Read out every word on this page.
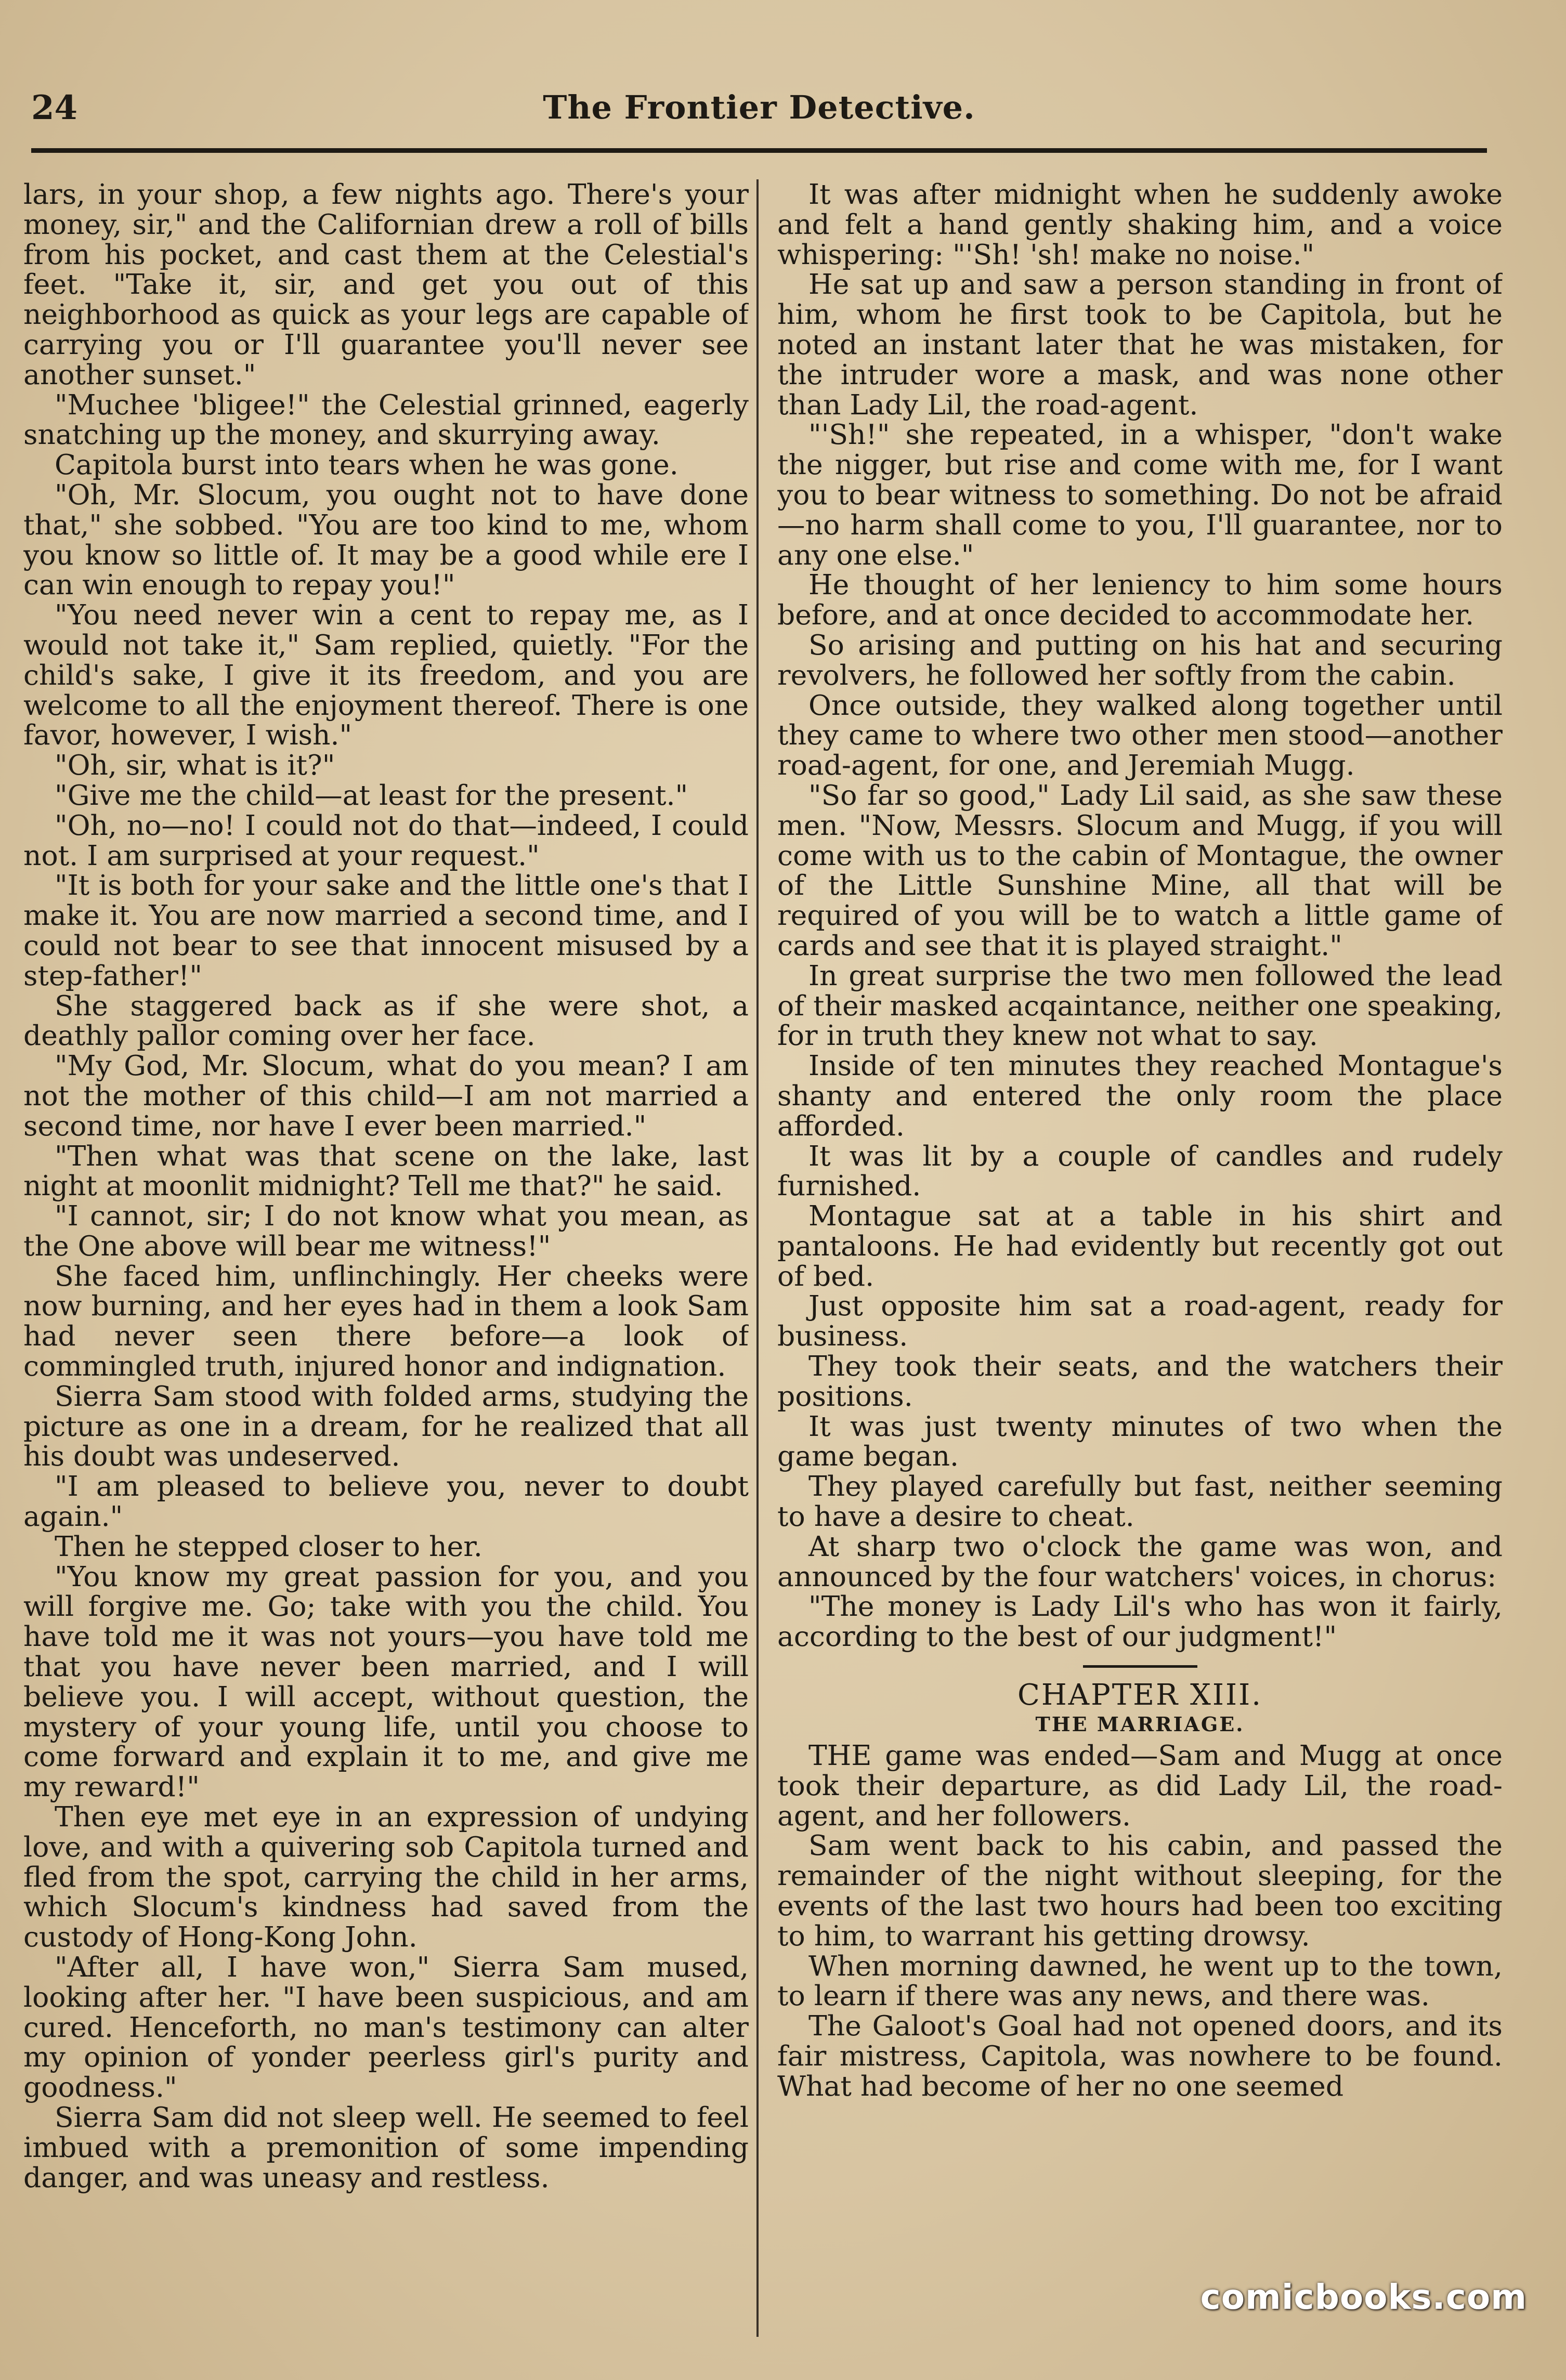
24	The Frontier Detective.

lars, in your shop, a few nights ago. There's your money, sir," and the Californian drew a roll of bills from his pocket, and cast them at the Celestial's feet. "Take it, sir, and get you out of this neighborhood as quick as your legs are capable of carrying you or I'll guarantee you'll never see another sunset."

"Muchee 'bligee!" the Celestial grinned, eagerly snatching up the money, and skurrying away.

Capitola burst into tears when he was gone.

"Oh, Mr. Slocum, you ought not to have done that," she sobbed. "You are too kind to me, whom you know so little of. It may be a good while ere I can win enough to repay you!"

"You need never win a cent to repay me, as I would not take it," Sam replied, quietly. "For the child's sake, I give it its freedom, and you are welcome to all the enjoyment thereof. There is one favor, however, I wish."

"Oh, sir, what is it?"

"Give me the child—at least for the present."

"Oh, no—no! I could not do that—indeed, I could not. I am surprised at your request."

"It is both for your sake and the little one's that I make it. You are now married a second time, and I could not bear to see that innocent misused by a step-father!"

She staggered back as if she were shot, a deathly pallor coming over her face.

"My God, Mr. Slocum, what do you mean? I am not the mother of this child—I am not married a second time, nor have I ever been married."

"Then what was that scene on the lake, last night at moonlit midnight? Tell me that?" he said.

"I cannot, sir; I do not know what you mean, as the One above will bear me witness!"

She faced him, unflinchingly. Her cheeks were now burning, and her eyes had in them a look Sam had never seen there before—a look of commingled truth, injured honor and indignation.

Sierra Sam stood with folded arms, studying the picture as one in a dream, for he realized that all his doubt was undeserved.

"I am pleased to believe you, never to doubt again."

Then he stepped closer to her.

"You know my great passion for you, and you will forgive me. Go; take with you the child. You have told me it was not yours—you have told me that you have never been married, and I will believe you. I will accept, without question, the mystery of your young life, until you choose to come forward and explain it to me, and give me my reward!"

Then eye met eye in an expression of undying love, and with a quivering sob Capitola turned and fled from the spot, carrying the child in her arms, which Slocum's kindness had saved from the custody of Hong-Kong John.

"After all, I have won," Sierra Sam mused, looking after her. "I have been suspicious, and am cured. Henceforth, no man's testimony can alter my opinion of yonder peerless girl's purity and goodness."

Sierra Sam did not sleep well. He seemed to feel imbued with a premonition of some impending danger, and was uneasy and restless.

It was after midnight when he suddenly awoke and felt a hand gently shaking him, and a voice whispering: "'Sh! 'sh! make no noise."

He sat up and saw a person standing in front of him, whom he first took to be Capitola, but he noted an instant later that he was mistaken, for the intruder wore a mask, and was none other than Lady Lil, the road-agent.

"'Sh!" she repeated, in a whisper, "don't wake the nigger, but rise and come with me, for I want you to bear witness to something. Do not be afraid—no harm shall come to you, I'll guarantee, nor to any one else."

He thought of her leniency to him some hours before, and at once decided to accommodate her.

So arising and putting on his hat and securing revolvers, he followed her softly from the cabin.

Once outside, they walked along together until they came to where two other men stood—another road-agent, for one, and Jeremiah Mugg.

"So far so good," Lady Lil said, as she saw these men. "Now, Messrs. Slocum and Mugg, if you will come with us to the cabin of Montague, the owner of the Little Sunshine Mine, all that will be required of you will be to watch a little game of cards and see that it is played straight."

In great surprise the two men followed the lead of their masked acqaintance, neither one speaking, for in truth they knew not what to say.

Inside of ten minutes they reached Montague's shanty and entered the only room the place afforded.

It was lit by a couple of candles and rudely furnished.

Montague sat at a table in his shirt and pantaloons. He had evidently but recently got out of bed.

Just opposite him sat a road-agent, ready for business.

They took their seats, and the watchers their positions.

It was just twenty minutes of two when the game began.

They played carefully but fast, neither seeming to have a desire to cheat.

At sharp two o'clock the game was won, and announced by the four watchers' voices, in chorus:

"The money is Lady Lil's who has won it fairly, according to the best of our judgment!"

CHAPTER XIII.
THE MARRIAGE.

THE game was ended—Sam and Mugg at once took their departure, as did Lady Lil, the road-agent, and her followers.

Sam went back to his cabin, and passed the remainder of the night without sleeping, for the events of the last two hours had been too exciting to him, to warrant his getting drowsy.

When morning dawned, he went up to the town, to learn if there was any news, and there was.

The Galoot's Goal had not opened doors, and its fair mistress, Capitola, was nowhere to be found. What had become of her no one seemed

comicbooks.com
